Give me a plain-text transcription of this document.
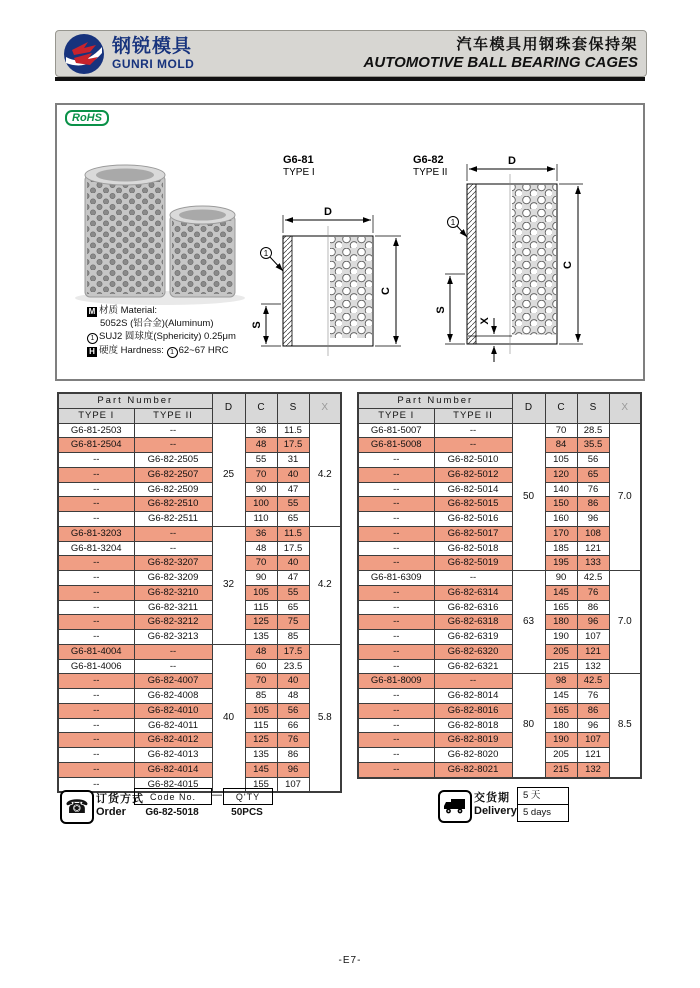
钢锐模具
GUNRI MOLD
汽车模具用钢珠套保持架
AUTOMOTIVE BALL BEARING CAGES
G6-81
TYPE I
D
C
S
1
G6-82
TYPE II
D
C
S
X
1
RoHS
M 材质 Material:
5052S (铝合金)(Aluminum)
1 SUJ2 圆球度(Sphericity) 0.25μm
H 硬度 Hardness: 1 62~67 HRC
Part Number		D	C	S	X
TYPE I	TYPE II				
G6-81-2503	--	25	36	11.5	4.2
G6-81-2504	--		48	17.5	
--	G6-82-2505		55	31	
--	G6-82-2507		70	40	
--	G6-82-2509		90	47	
--	G6-82-2510		100	55	
--	G6-82-2511		110	65	
G6-81-3203	--	32	36	11.5	4.2
G6-81-3204	--		48	17.5	
--	G6-82-3207		70	40	
--	G6-82-3209		90	47	
--	G6-82-3210		105	55	
--	G6-82-3211		115	65	
--	G6-82-3212		125	75	
--	G6-82-3213		135	85	
G6-81-4004	--	40	48	17.5	5.8
G6-81-4006	--		60	23.5	
--	G6-82-4007		70	40	
--	G6-82-4008		85	48	
--	G6-82-4010		105	56	
--	G6-82-4011		115	66	
--	G6-82-4012		125	76	
--	G6-82-4013		135	86	
--	G6-82-4014		145	96	
--	G6-82-4015		155	107	
Part Number		D	C	S	X
TYPE I	TYPE II				
G6-81-5007	--	50	70	28.5	7.0
G6-81-5008	--		84	35.5	
--	G6-82-5010		105	56	
--	G6-82-5012		120	65	
--	G6-82-5014		140	76	
--	G6-82-5015		150	86	
--	G6-82-5016		160	96	
--	G6-82-5017		170	108	
--	G6-82-5018		185	121	
--	G6-82-5019		195	133	
G6-81-6309	--	63	90	42.5	7.0
--	G6-82-6314		145	76	
--	G6-82-6316		165	86	
--	G6-82-6318		180	96	
--	G6-82-6319		190	107	
--	G6-82-6320		205	121	
--	G6-82-6321		215	132	
G6-81-8009	--	80	98	42.5	8.5
--	G6-82-8014		145	76	
--	G6-82-8016		165	86	
--	G6-82-8018		180	96	
--	G6-82-8019		190	107	
--	G6-82-8020		205	121	
--	G6-82-8021		215	132	
☎ 订货方式
Order
Code No.	—	Q'TY
G6-82-5018	50PCS
交货期
Delivery
5 天
5 days
-E7-
